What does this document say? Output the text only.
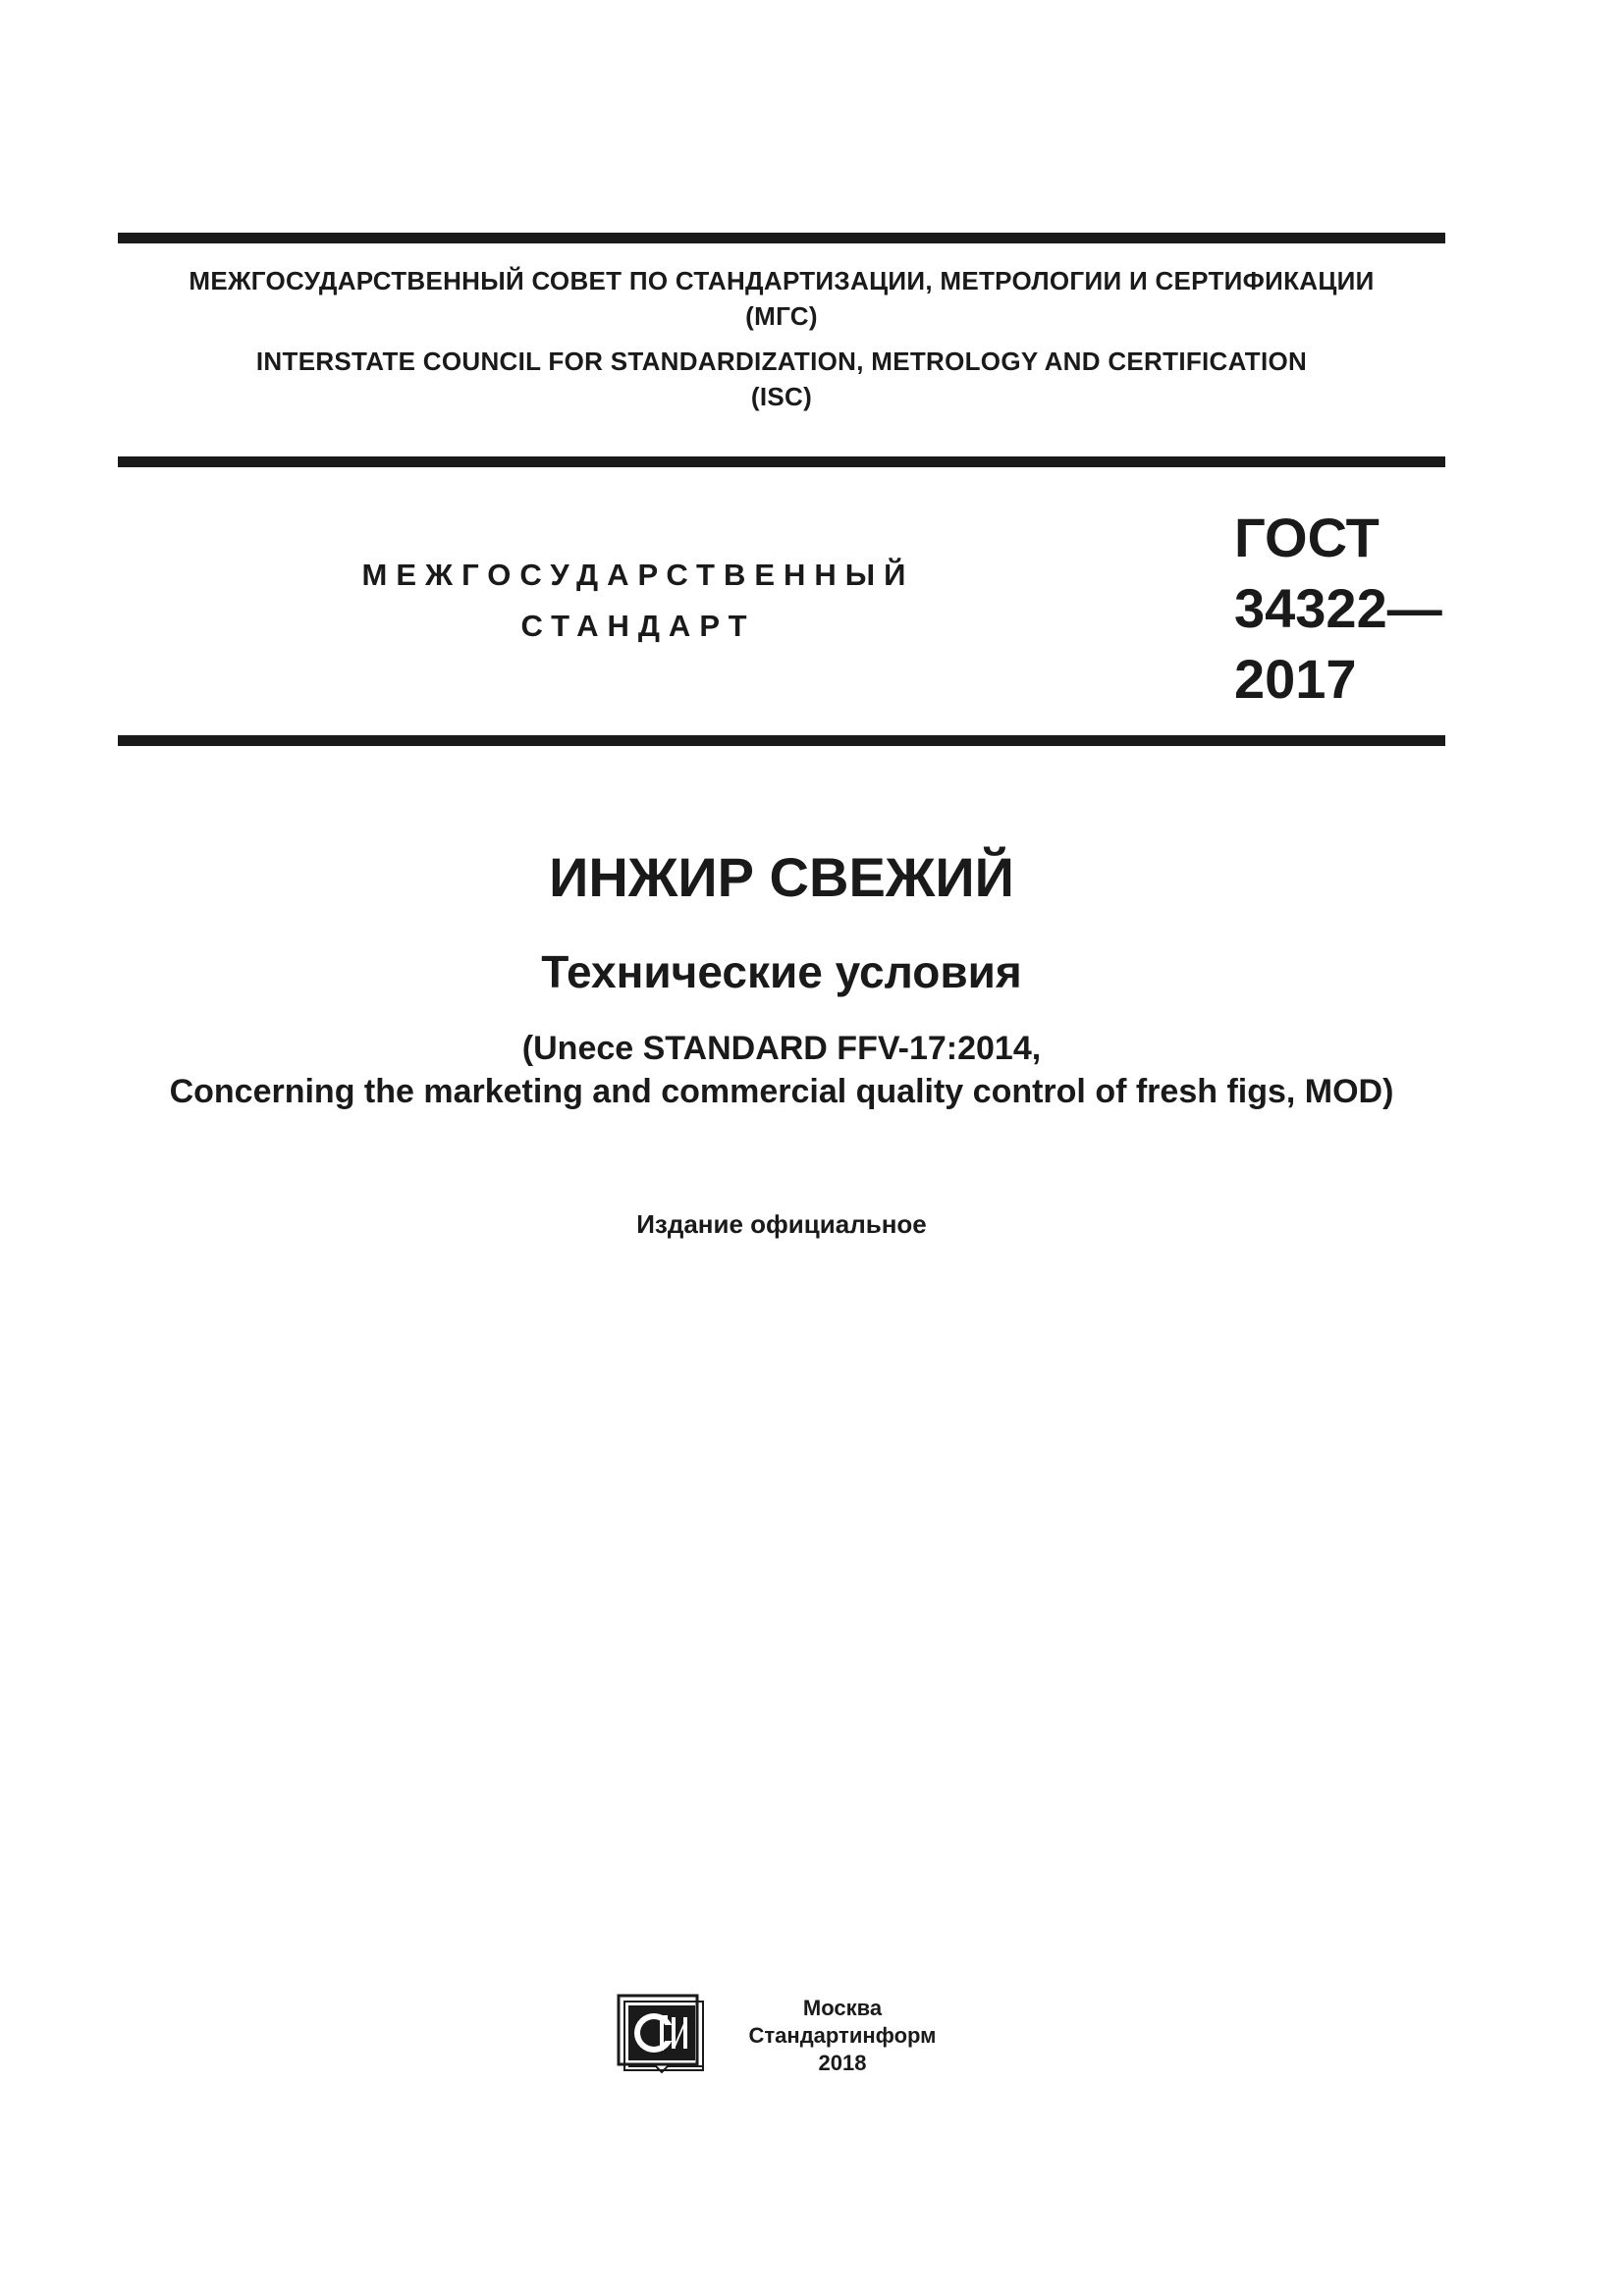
МЕЖГОСУДАРСТВЕННЫЙ СОВЕТ ПО СТАНДАРТИЗАЦИИ, МЕТРОЛОГИИ И СЕРТИФИКАЦИИ
(МГС)
INTERSTATE COUNCIL FOR STANDARDIZATION, METROLOGY AND CERTIFICATION
(ISC)
МЕЖГОСУДАРСТВЕННЫЙ
СТАНДАРТ
ГОСТ
34322—
2017
ИНЖИР СВЕЖИЙ
Технические условия
(Unece STANDARD FFV-17:2014,
Concerning the marketing and commercial quality control of fresh figs, MOD)
Издание официальное
Москва
Стандартинформ
2018
